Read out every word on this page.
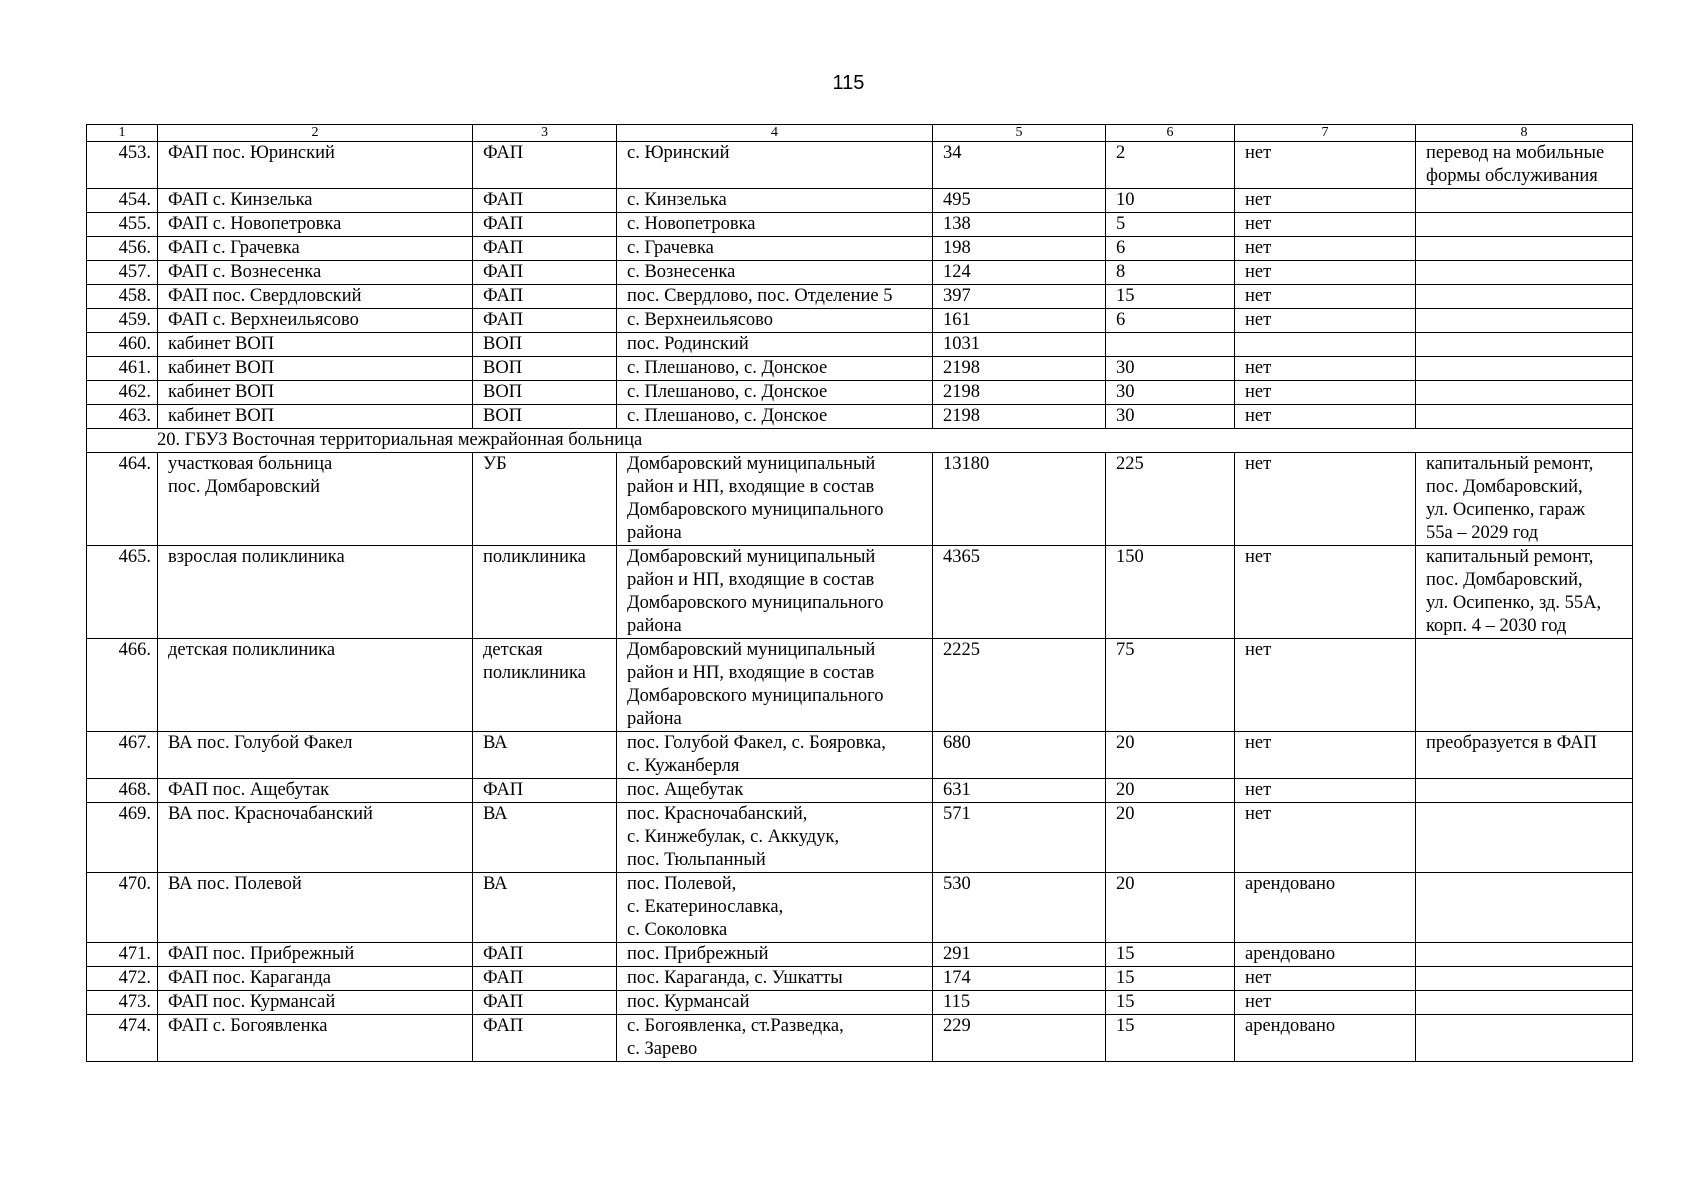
115
1	2	3	4	5	6	7	8
453.	ФАП пос. Юринский	ФАП	с. Юринский	34	2	нет	перевод на мобильные
формы обслуживания
454.	ФАП с. Кинзелька	ФАП	с. Кинзелька	495	10	нет	
455.	ФАП с. Новопетровка	ФАП	с. Новопетровка	138	5	нет	
456.	ФАП с. Грачевка	ФАП	с. Грачевка	198	6	нет	
457.	ФАП с. Вознесенка	ФАП	с. Вознесенка	124	8	нет	
458.	ФАП пос. Свердловский	ФАП	пос. Свердлово, пос. Отделение 5	397	15	нет	
459.	ФАП с. Верхнеильясово	ФАП	с. Верхнеильясово	161	6	нет	
460.	кабинет ВОП	ВОП	пос. Родинский	1031			
461.	кабинет ВОП	ВОП	с. Плешаново, с. Донское	2198	30	нет	
462.	кабинет ВОП	ВОП	с. Плешаново, с. Донское	2198	30	нет	
463.	кабинет ВОП	ВОП	с. Плешаново, с. Донское	2198	30	нет	
20. ГБУЗ Восточная территориальная межрайонная больница							
464.	участковая больница
пос. Домбаровский	УБ	Домбаровский муниципальный
район и НП, входящие в состав
Домбаровского муниципального
района	13180	225	нет	капитальный ремонт,
пос. Домбаровский,
ул. Осипенко, гараж
55а – 2029 год
465.	взрослая поликлиника	поликлиника	Домбаровский муниципальный
район и НП, входящие в состав
Домбаровского муниципального
района	4365	150	нет	капитальный ремонт,
пос. Домбаровский,
ул. Осипенко, зд. 55А,
корп. 4 – 2030 год
466.	детская поликлиника	детская
поликлиника	Домбаровский муниципальный
район и НП, входящие в состав
Домбаровского муниципального
района	2225	75	нет	
467.	ВА пос. Голубой Факел	ВА	пос. Голубой Факел, с. Бояровка,
с. Кужанберля	680	20	нет	преобразуется в ФАП
468.	ФАП пос. Ащебутак	ФАП	пос. Ащебутак	631	20	нет	
469.	ВА пос. Красночабанский	ВА	пос. Красночабанский,
с. Кинжебулак, с. Аккудук,
пос. Тюльпанный	571	20	нет	
470.	ВА пос. Полевой	ВА	пос. Полевой,
с. Екатеринославка,
с. Соколовка	530	20	арендовано	
471.	ФАП пос. Прибрежный	ФАП	пос. Прибрежный	291	15	арендовано	
472.	ФАП пос. Караганда	ФАП	пос. Караганда, с. Ушкатты	174	15	нет	
473.	ФАП пос. Курмансай	ФАП	пос. Курмансай	115	15	нет	
474.	ФАП с. Богоявленка	ФАП	с. Богоявленка, ст.Разведка,
с. Зарево	229	15	арендовано	
